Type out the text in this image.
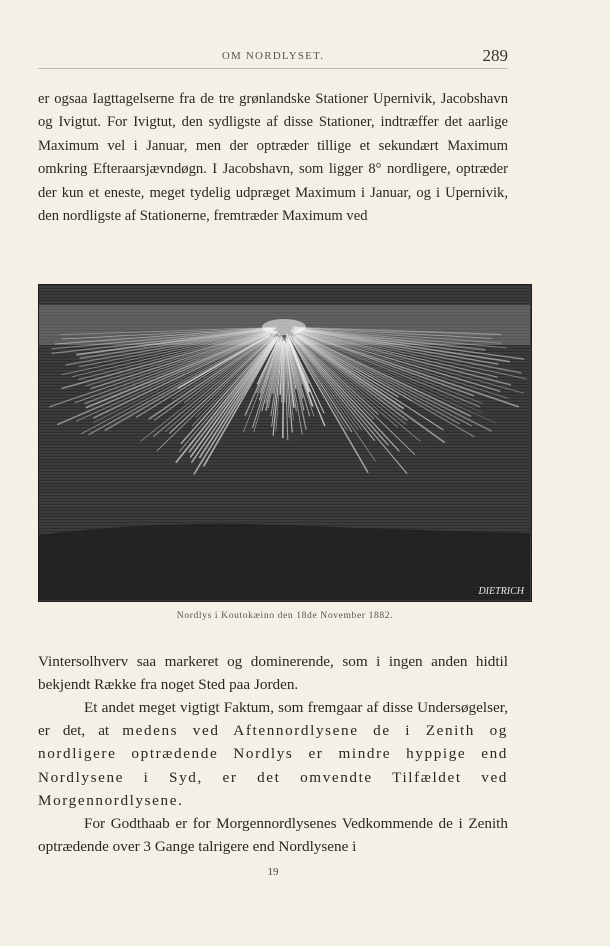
OM NORDLYSET.	289

er ogsaa Iagttagelserne fra de tre grønlandske Stationer Upernivik, Jacobshavn og Ivigtut. For Ivigtut, den sydligste af disse Stationer, indtræffer det aarlige Maximum vel i Januar, men der optræder tillige et sekundært Maximum omkring Efteraarsjævndøgn. I Jacobshavn, som ligger 8° nordligere, optræder der kun et eneste, meget tydelig udpræget Maximum i Januar, og i Upernivik, den nordligste af Stationerne, fremtræder Maximum ved

DIETRICH
Nordlys i Koutokæino den 18de November 1882.

Vintersolhverv saa markeret og dominerende, som i ingen anden hidtil bekjendt Række fra noget Sted paa Jorden.

Et andet meget vigtigt Faktum, som fremgaar af disse Undersøgelser, er det, at medens ved Aftennordlysene de i Zenith og nordligere optrædende Nordlys er mindre hyppige end Nordlysene i Syd, er det omvendte Tilfældet ved Morgennordlysene.

For Godthaab er for Morgennordlysenes Vedkommende de i Zenith optrædende over 3 Gange talrigere end Nordlysene i

19
